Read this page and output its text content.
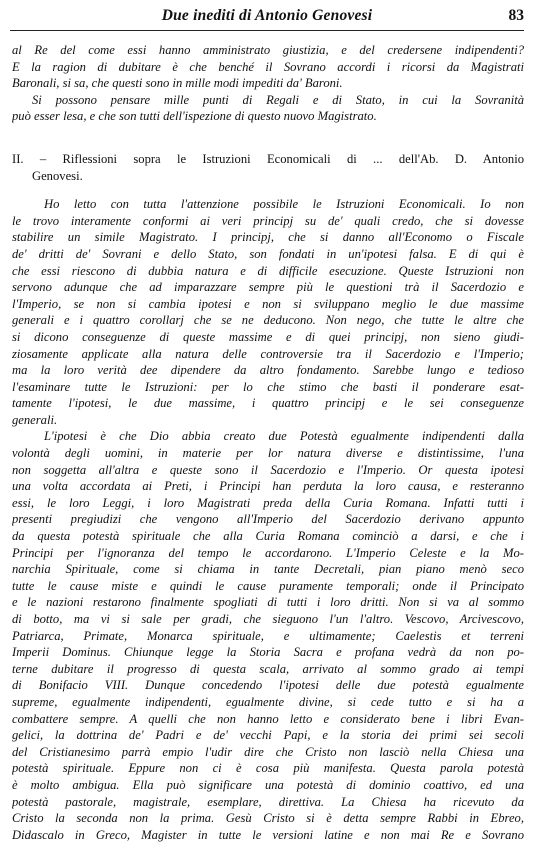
Due inediti di Antonio Genovesi	83
al Re del come essi hanno amministrato giustizia, e del credersene indipendenti?
E la ragion di dubitare è che benché il Sovrano accordi i ricorsi da Magistrati
Baronali, si sa, che questi sono in mille modi impediti da' Baroni.
Si possono pensare mille punti di Regali e di Stato, in cui la Sovranità
può esser lesa, e che son tutti dell'ispezione di questo nuovo Magistrato.
II. – Riflessioni sopra le Istruzioni Economicali di ... dell'Ab. D. Antonio
Genovesi.
Ho letto con tutta l'attenzione possibile le Istruzioni Economicali. Io non
le trovo interamente conformi ai veri principj su de' quali credo, che si dovesse
stabilire un simile Magistrato. I principj, che si danno all'Economo o Fiscale
de' dritti de' Sovrani e dello Stato, son fondati in un'ipotesi falsa. E di qui è
che essi riescono di dubbia natura e di difficile esecuzione. Queste Istruzioni non
servono adunque che ad imparazzare sempre più le questioni trà il Sacerdozio e
l'Imperio, se non si cambia ipotesi e non si sviluppano meglio le due massime
generali e i quattro corollarj che se ne deducono. Non nego, che tutte le altre che
si dicono conseguenze di queste massime e di quei principj, non sieno giudi-
ziosamente applicate alla natura delle controversie tra il Sacerdozio e l'Imperio;
ma la loro verità dee dipendere da altro fondamento. Sarebbe lungo e tedioso
l'esaminare tutte le Istruzioni: per lo che stimo che basti il ponderare esat-
tamente l'ipotesi, le due massime, i quattro principj e le sei conseguenze
generali.
L'ipotesi è che Dio abbia creato due Potestà egualmente indipendenti dalla
volontà degli uomini, in materie per lor natura diverse e distintissime, l'una
non soggetta all'altra e queste sono il Sacerdozio e l'Imperio. Or questa ipotesi
una volta accordata ai Preti, i Principi han perduta la loro causa, e resteranno
essi, le loro Leggi, i loro Magistrati preda della Curia Romana. Infatti tutti i
presenti pregiudizi che vengono all'Imperio del Sacerdozio derivano appunto
da questa potestà spirituale che alla Curia Romana cominciò a darsi, e che i
Principi per l'ignoranza del tempo le accordarono. L'Imperio Celeste e la Mo-
narchia Spirituale, come si chiama in tante Decretali, pian piano menò seco
tutte le cause miste e quindi le cause puramente temporali; onde il Principato
e le nazioni restarono finalmente spogliati di tutti i loro dritti. Non si va al sommo
di botto, ma vi si sale per gradi, che sieguono l'un l'altro. Vescovo, Arcivescovo,
Patriarca, Primate, Monarca spirituale, e ultimamente; Caelestis et terreni
Imperii Dominus. Chiunque legge la Storia Sacra e profana vedrà da non po-
terne dubitare il progresso di questa scala, arrivato al sommo grado ai tempi
di Bonifacio VIII. Dunque concedendo l'ipotesi delle due potestà egualmente
supreme, egualmente indipendenti, egualmente divine, si cede tutto e si ha a
combattere sempre. A quelli che non hanno letto e considerato bene i libri Evan-
gelici, la dottrina de' Padri e de' vecchi Papi, e la storia dei primi sei secoli
del Cristianesimo parrà empio l'udir dire che Cristo non lasciò nella Chiesa una
potestà spirituale. Eppure non ci è cosa più manifesta. Questa parola potestà
è molto ambigua. Ella può significare una potestà di dominio coattivo, ed una
potestà pastorale, magistrale, esemplare, direttiva. La Chiesa ha ricevuto da
Cristo la seconda non la prima. Gesù Cristo si è detta sempre Rabbi in Ebreo,
Didascalo in Greco, Magister in tutte le versioni latine e non mai Re e Sovrano
